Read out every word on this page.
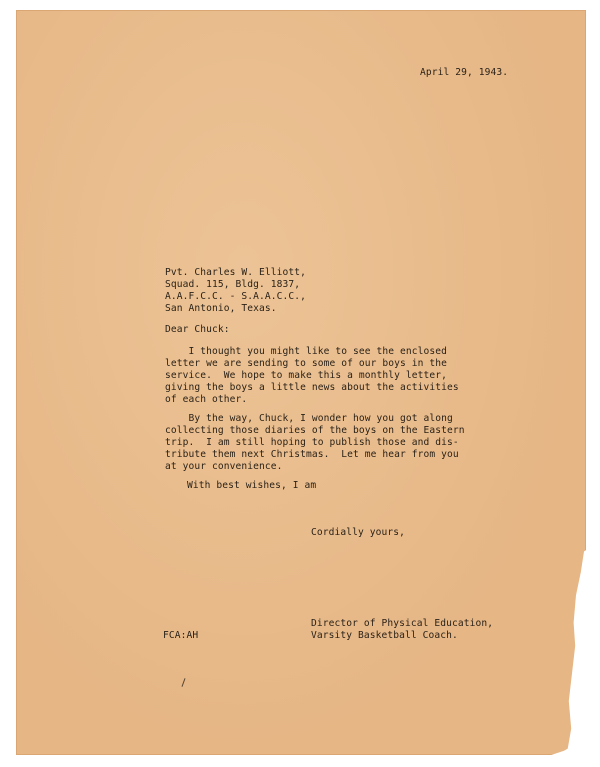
April 29, 1943.
Pvt. Charles W. Elliott,
Squad. 115, Bldg. 1837,
A.A.F.C.C. - S.A.A.C.C.,
San Antonio, Texas.
Dear Chuck:
I thought you might like to see the enclosed
letter we are sending to some of our boys in the
service.  We hope to make this a monthly letter,
giving the boys a little news about the activities
of each other.
By the way, Chuck, I wonder how you got along
collecting those diaries of the boys on the Eastern
trip.  I am still hoping to publish those and dis-
tribute them next Christmas.  Let me hear from you
at your convenience.
With best wishes, I am
Cordially yours,
Director of Physical Education,
Varsity Basketball Coach.
FCA:AH
